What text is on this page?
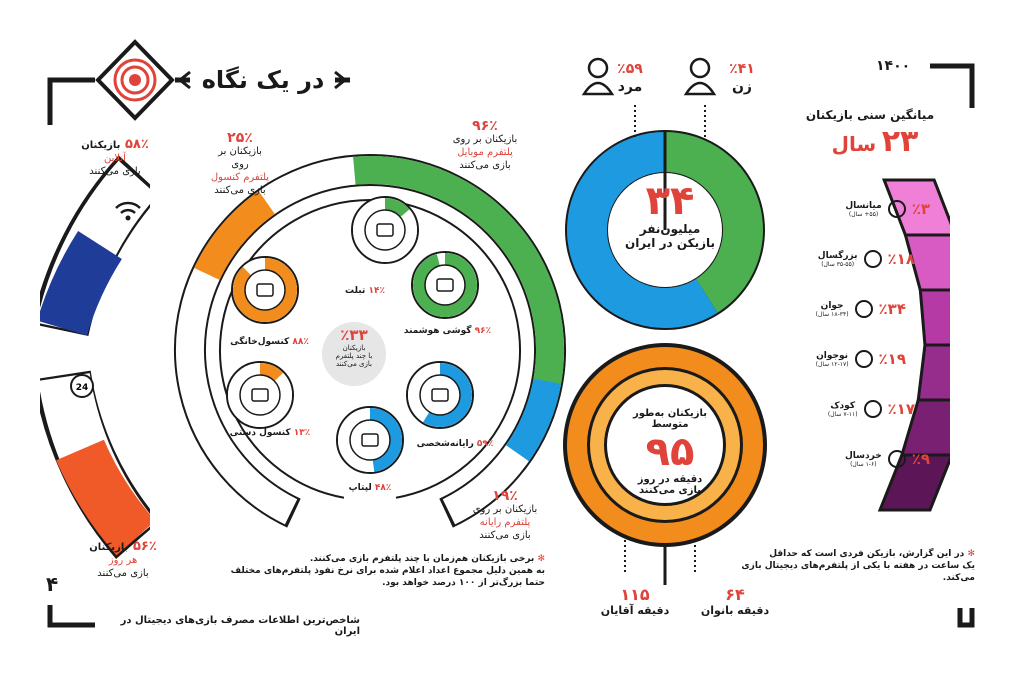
در یک نگاه	۱۴۰۰
۴
شاخص‌ترین اطلاعات مصرف بازی‌های دیجیتال در ایران
24
۵۸٪ بازیکنان
آنلاین
بازی می‌کنند
۵۶٪ بازیکنان
هر روز
بازی می‌کنند
۲۵٪
بازیکنان بر روی
پلتفرم کنسول
بازی می‌کنند
۹۶٪
بازیکنان بر روی
پلتفرم موبایل
بازی می‌کنند
۱۹٪
بازیکنان بر روی
پلتفرم رایانه
بازی می‌کنند
٪۳۳
بازیکنان
با چند پلتفرم
بازی می‌کنند
۱۴٪ تبلت
۹۶٪ گوشی هوشمند
۵۹٪ رایانه‌شخصی
۴۸٪ لپتاپ
۱۳٪ کنسول دستی
۸۸٪ کنسول‌خانگی
✻ برخی بازیکنان هم‌زمان با چند پلتفرم بازی می‌کنند.
به همین دلیل مجموع اعداد اعلام شده برای نرخ نفوذ پلتفرم‌های مختلف
حتما بزرگ‌تر از ۱۰۰ درصد خواهد بود.
٪۵۹
مرد
٪۴۱
زن
۳۴
میلیون‌نفر
بازیکن در ایران
بازیکنان به‌طور متوسط
۹۵
دقیقه در روز
بازی می‌کنند
۱۱۵
دقیقه آقایان
۶۴
دقیقه بانوان
میانگین سنی بازیکنان
۲۳ سال
٪۳
میانسال
(۵۵+ سال)
٪۱۸
بزرگسال
(۳۵-۵۵ سال)
٪۳۴
جوان
(۱۸-۳۴ سال)
٪۱۹
نوجوان
(۱۲-۱۷ سال)
٪۱۷
کودک
(۷-۱۱ سال)
٪۹
خردسال
(۱-۶ سال)
✻ در این گزارش، بازیکن فردی است که حداقل
یک ساعت در هفته با یکی از پلتفرم‌های دیجیتال بازی می‌کند.
